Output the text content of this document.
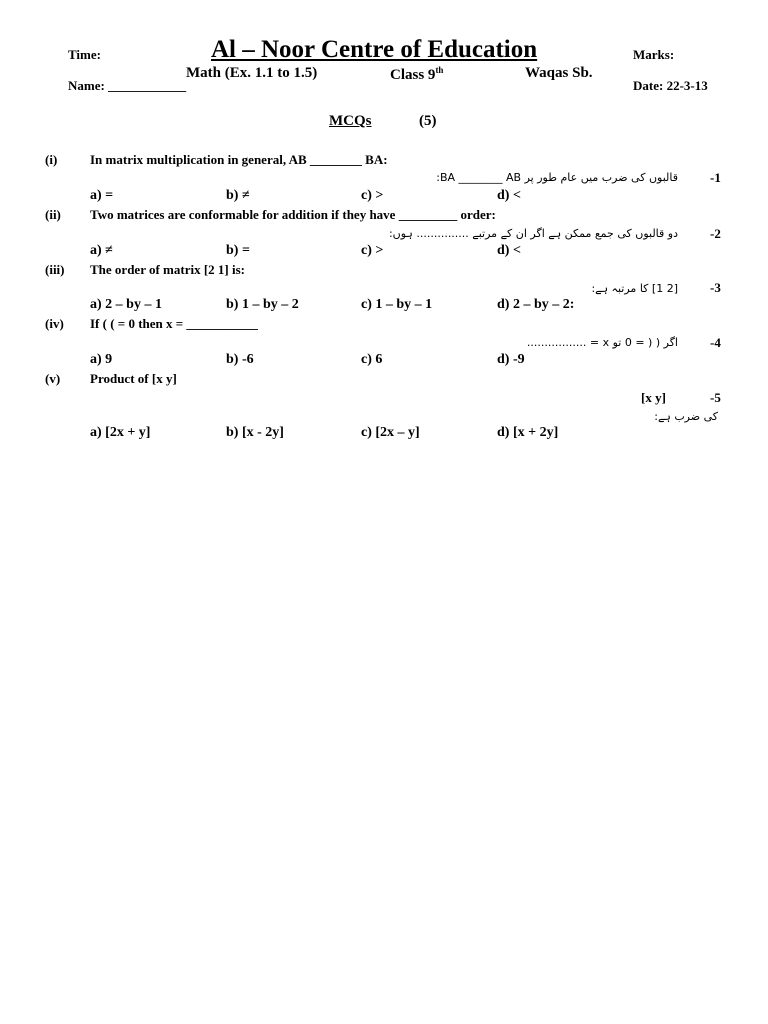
Time:	Al – Noor Centre of Education	Marks:
Math (Ex. 1.1 to 1.5)	Class 9th	Waqas Sb.
Name: ____________	Date: 22-3-13
MCQs	(5)
(i)	In matrix multiplication in general, AB ________ BA:
قالبوں کی ضرب میں عام طور پر BA ________ AB: -1
a) =	b) ≠	c) >	d) <
(ii) Two matrices are conformable for addition if they have _________ order:
دو قالبوں کی جمع ممکن ہے اگر ان کے مرتبے ............... ہوں: -2
a) ≠	b) =	c) >	d) <
(iii) The order of matrix [2 1] is:
[2 1] کا مرتبہ ہے: -3
a) 2 – by – 1	b) 1 – by – 2	c) 1 – by – 1	d) 2 – by – 2:
(iv) If ( ( = 0 then x = ___________
اگر ( ( = 0 تو x = ................. -4
a) 9	b) -6	c) 6	d) -9
(v) Product of [x y]
[x y]	-5
کی ضرب ہے:
a) [2x + y]	b) [x - 2y]	c) [2x – y]	d) [x + 2y]
